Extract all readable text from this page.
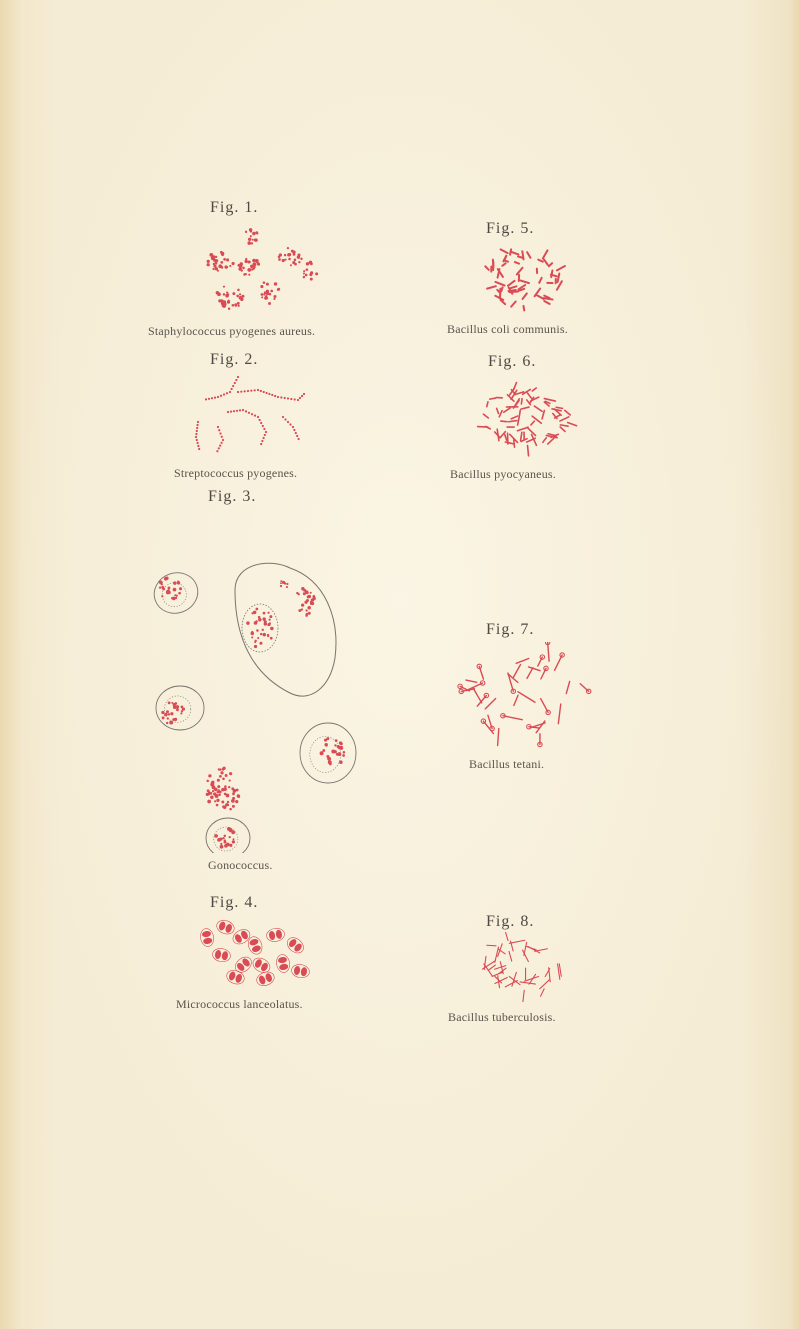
Fig. 1.
Staphylococcus pyogenes aureus.
Fig. 2.
Streptococcus pyogenes.
Fig. 3.
Gonococcus.
Fig. 4.
Micrococcus lanceolatus.
Fig. 5.
Bacillus coli communis.
Fig. 6.
Bacillus pyocyaneus.
Fig. 7.
Bacillus tetani.
Fig. 8.
Bacillus tuberculosis.
